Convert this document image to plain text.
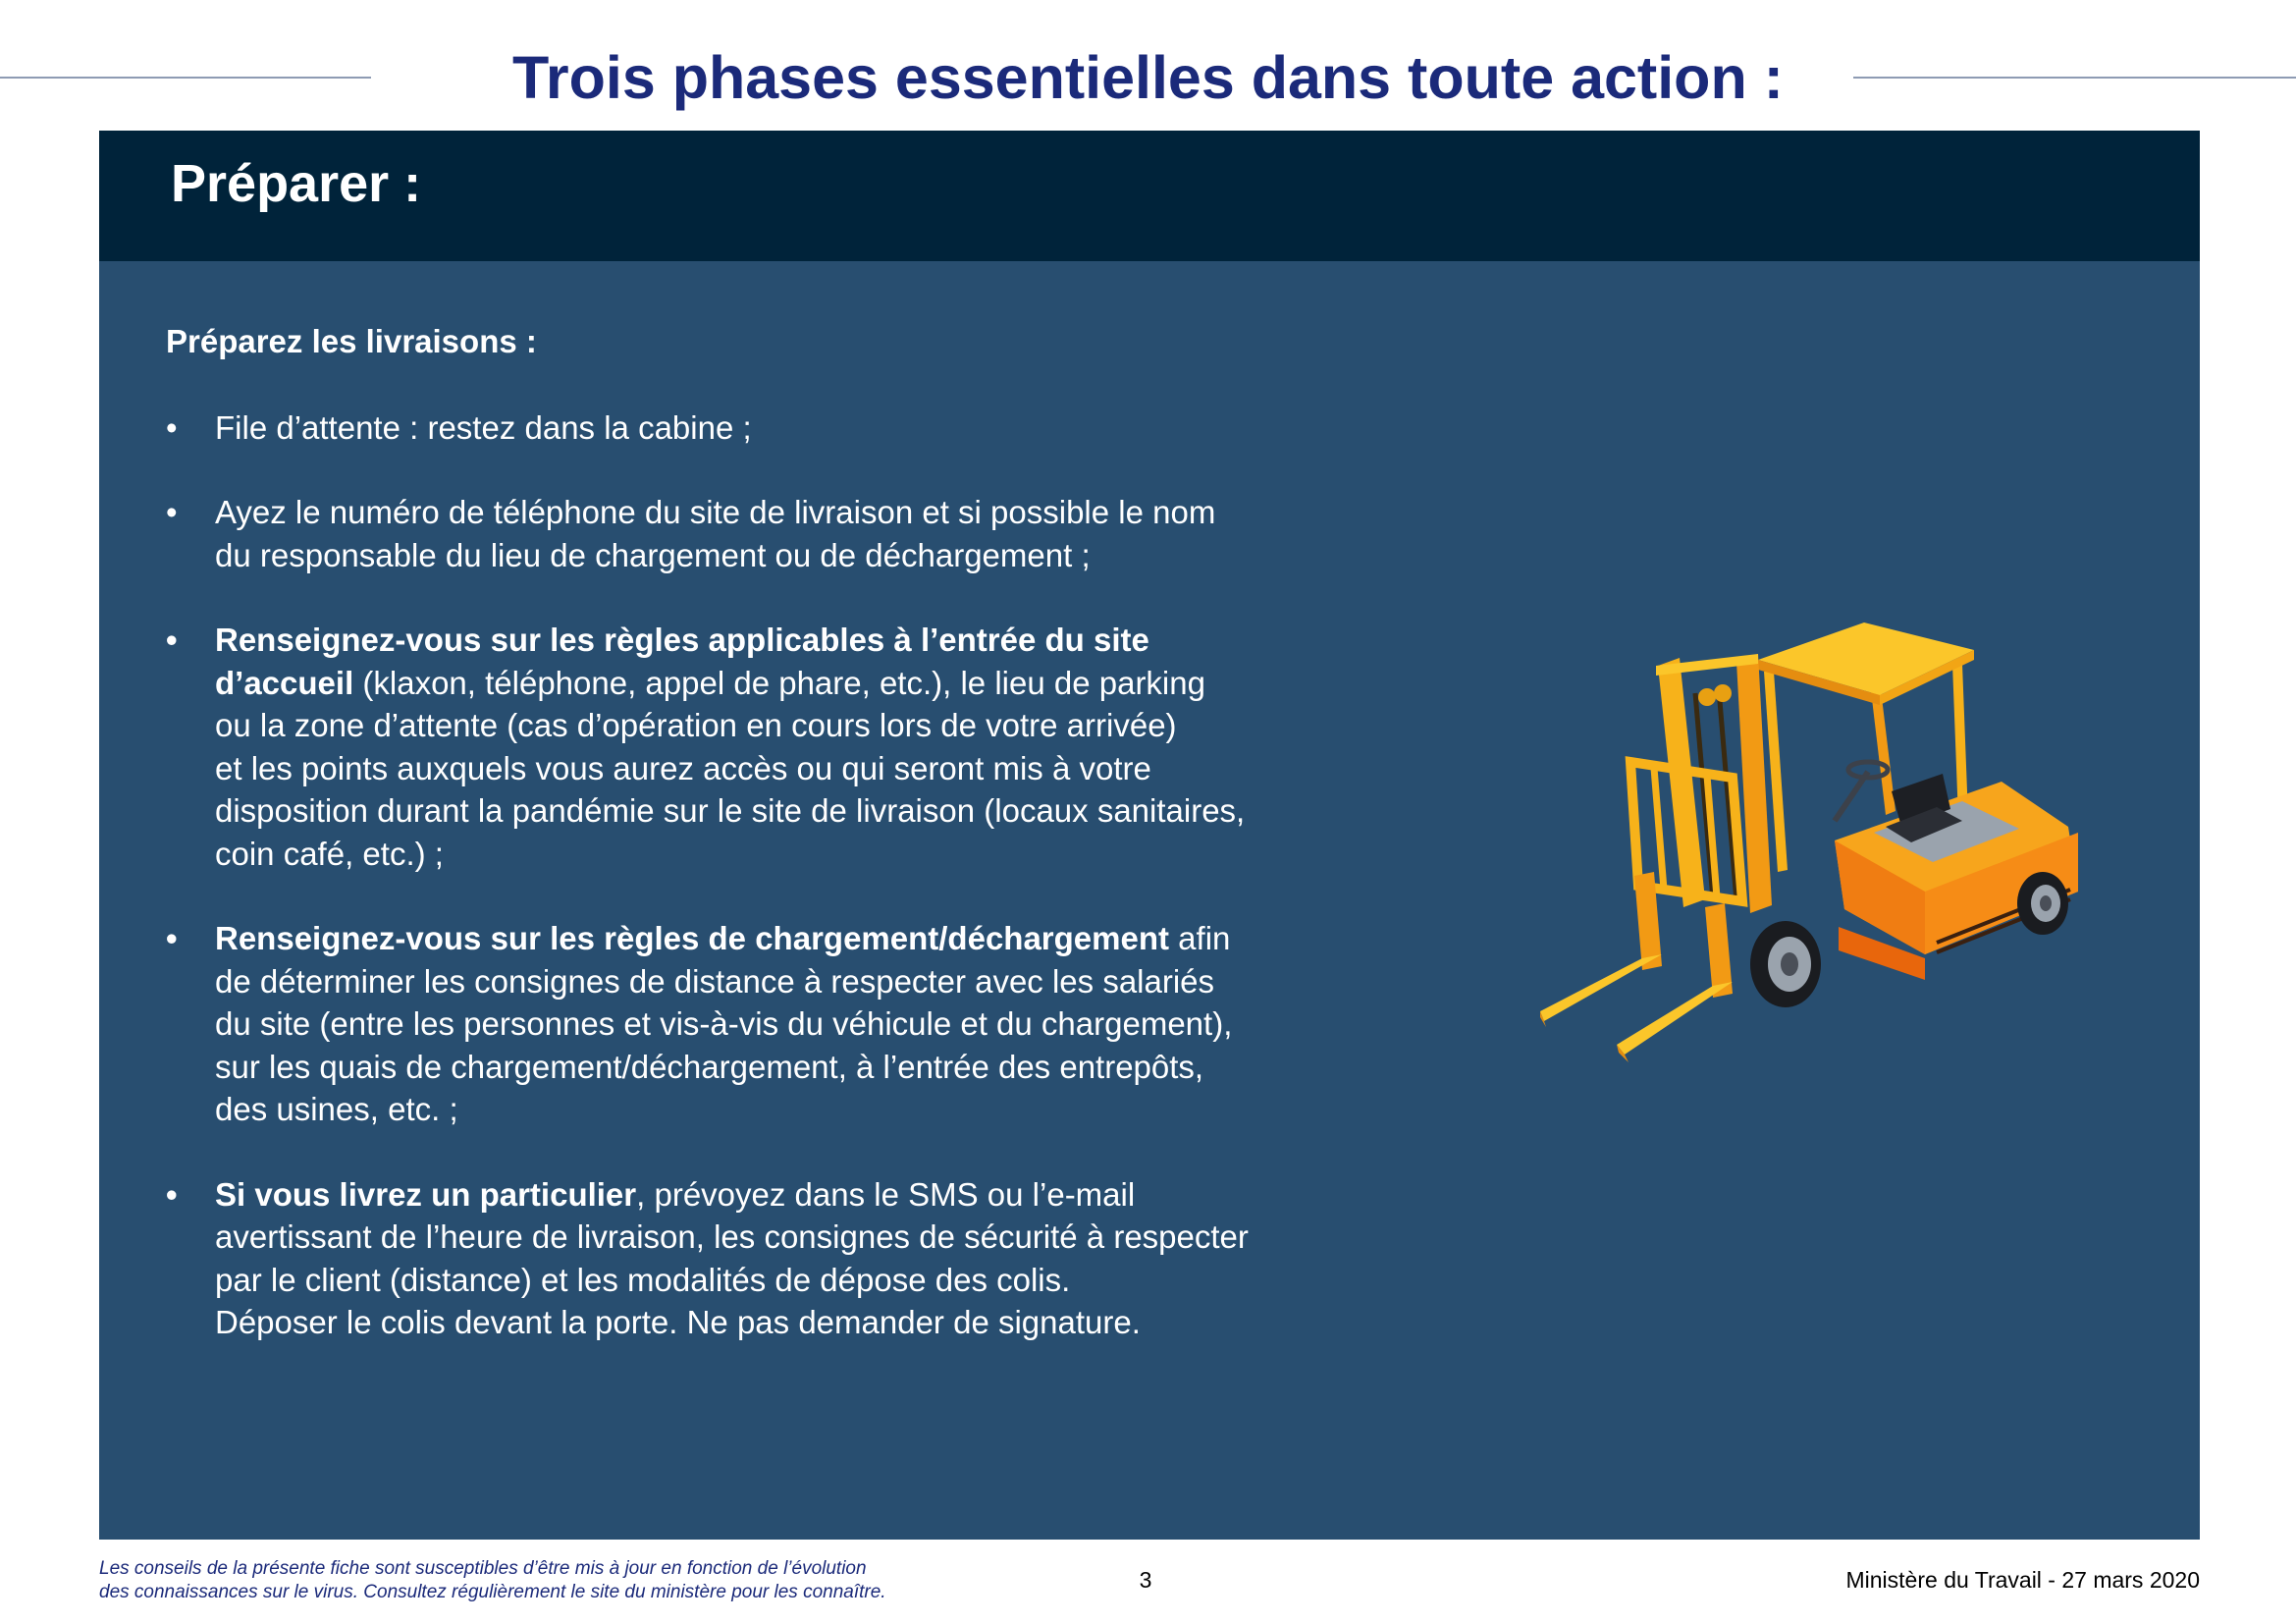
Trois phases essentielles dans toute action :
Préparer :
Préparez les livraisons :
•	File d’attente : restez dans la cabine ;
•	Ayez le numéro de téléphone du site de livraison et si possible le nom
du responsable du lieu de chargement ou de déchargement ;
•	Renseignez-vous sur les règles applicables à l’entrée du site
d’accueil (klaxon, téléphone, appel de phare, etc.), le lieu de parking
ou la zone d’attente (cas d’opération en cours lors de votre arrivée)
et les points auxquels vous aurez accès ou qui seront mis à votre
disposition durant la pandémie sur le site de livraison (locaux sanitaires,
coin café, etc.) ;
•	Renseignez-vous sur les règles de chargement/déchargement afin
de déterminer les consignes de distance à respecter avec les salariés
du site (entre les personnes et vis-à-vis du véhicule et du chargement),
sur les quais de chargement/déchargement, à l’entrée des entrepôts,
des usines, etc. ;
•	Si vous livrez un particulier, prévoyez dans le SMS ou l’e-mail
avertissant de l’heure de livraison, les consignes de sécurité à respecter
par le client (distance) et les modalités de dépose des colis.
Déposer le colis devant la porte. Ne pas demander de signature.
Les conseils de la présente fiche sont susceptibles d’être mis à jour en fonction de l’évolution
des connaissances sur le virus. Consultez régulièrement le site du ministère pour les connaître.	3	Ministère du Travail - 27 mars 2020
